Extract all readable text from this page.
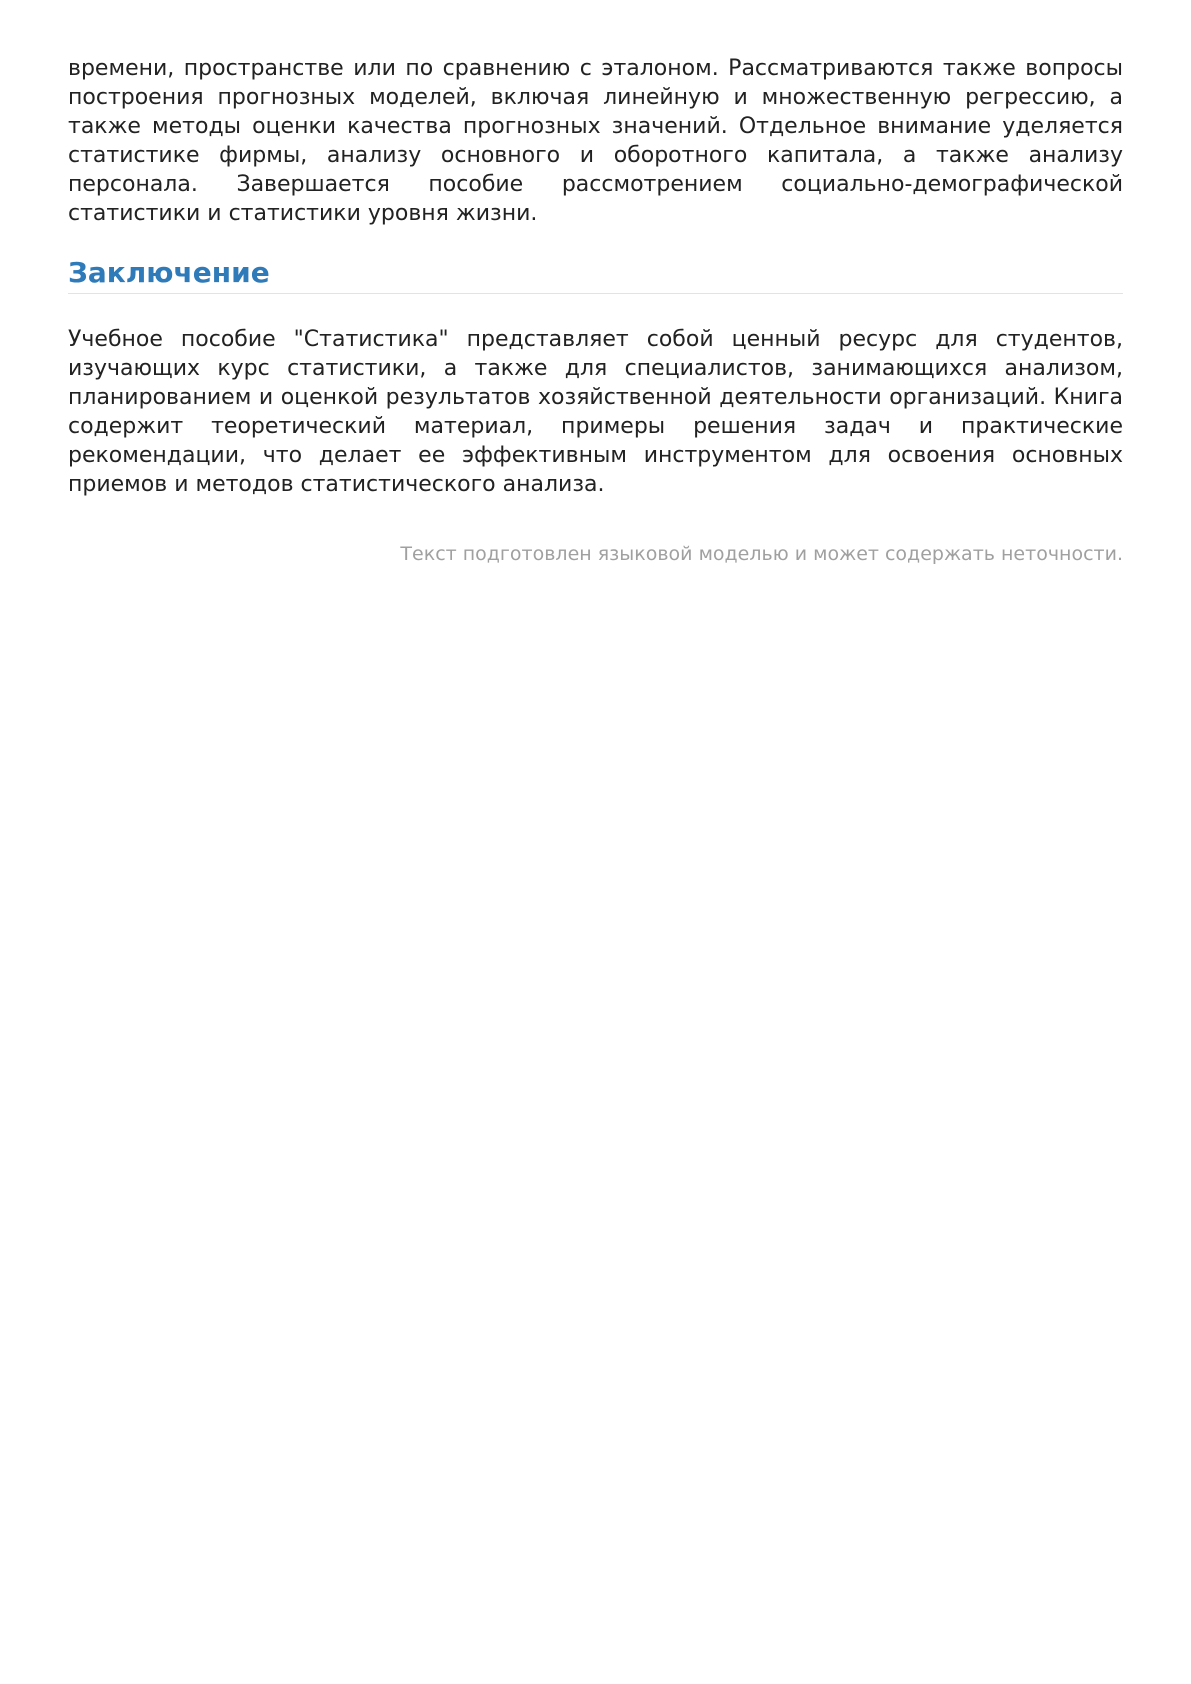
времени, пространстве или по сравнению с эталоном. Рассматриваются также вопросы построения прогнозных моделей, включая линейную и множественную регрессию, а также методы оценки качества прогнозных значений. Отдельное внимание уделяется статистике фирмы, анализу основного и оборотного капитала, а также анализу персонала. Завершается пособие рассмотрением социально-демографической статистики и статистики уровня жизни.

Заключение

Учебное пособие "Статистика" представляет собой ценный ресурс для студентов, изучающих курс статистики, а также для специалистов, занимающихся анализом, планированием и оценкой результатов хозяйственной деятельности организаций. Книга содержит теоретический материал, примеры решения задач и практические рекомендации, что делает ее эффективным инструментом для освоения основных приемов и методов статистического анализа.

Текст подготовлен языковой моделью и может содержать неточности.
